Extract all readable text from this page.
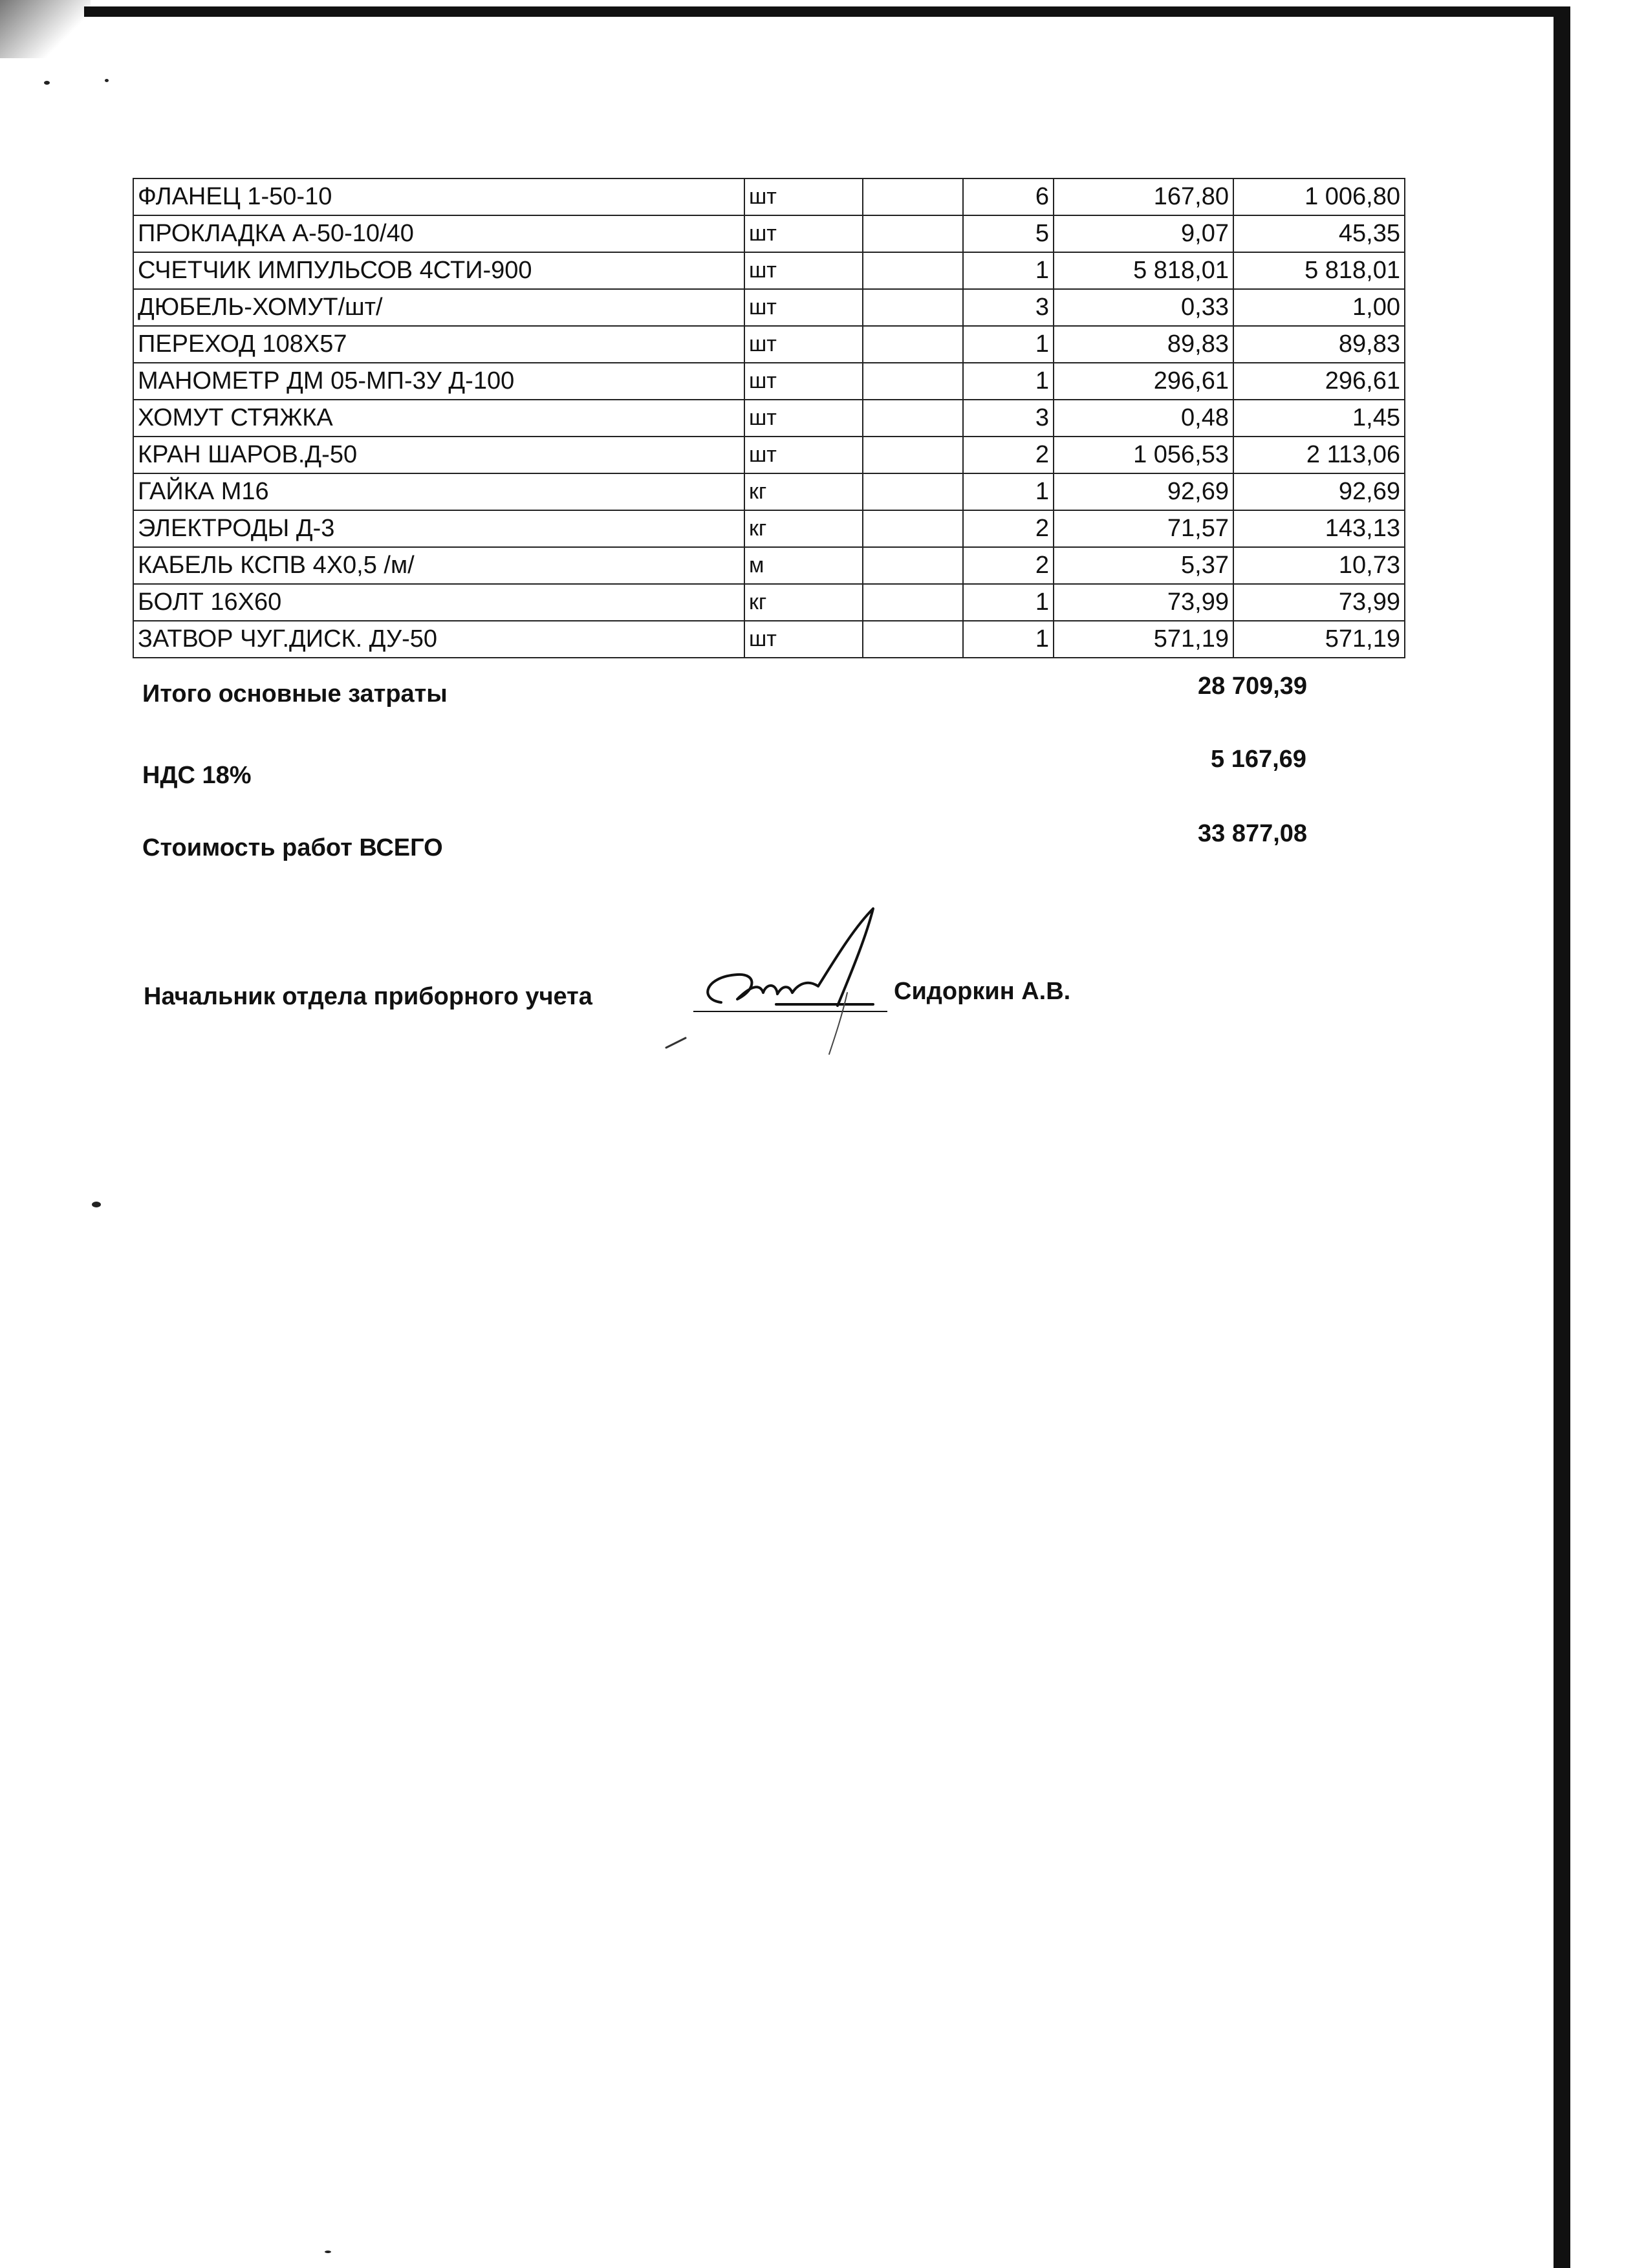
ФЛАНЕЦ 1-50-10	шт		6	167,80	1 006,80
ПРОКЛАДКА А-50-10/40	шт		5	9,07	45,35
СЧЕТЧИК ИМПУЛЬСОВ 4СТИ-900	шт		1	5 818,01	5 818,01
ДЮБЕЛЬ-ХОМУТ/шт/	шт		3	0,33	1,00
ПЕРЕХОД 108Х57	шт		1	89,83	89,83
МАНОМЕТР ДМ 05-МП-3У Д-100	шт		1	296,61	296,61
ХОМУТ СТЯЖКА	шт		3	0,48	1,45
КРАН ШАРОВ.Д-50	шт		2	1 056,53	2 113,06
ГАЙКА М16	кг		1	92,69	92,69
ЭЛЕКТРОДЫ Д-3	кг		2	71,57	143,13
КАБЕЛЬ КСПВ 4Х0,5 /м/	м		2	5,37	10,73
БОЛТ 16Х60	кг		1	73,99	73,99
ЗАТВОР ЧУГ.ДИСК. ДУ-50	шт		1	571,19	571,19
Итого основные затраты	28 709,39
НДС 18%
5 167,69
Стоимость работ ВСЕГО
33 877,08
Начальник отдела приборного учета	Сидоркин А.В.
